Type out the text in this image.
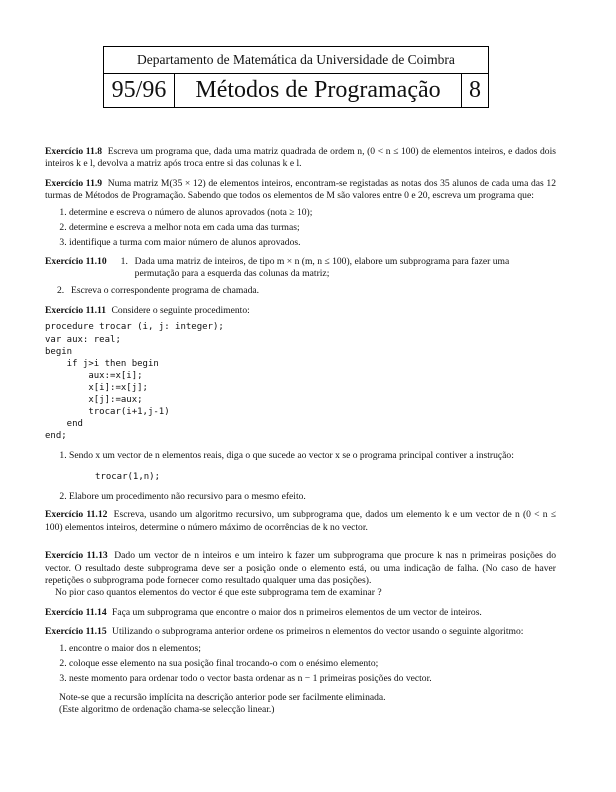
Departamento de Matemática da Universidade de Coimbra
95/96	Métodos de Programação	8

Exercício 11.8 Escreva um programa que, dada uma matriz quadrada de ordem n, (0 < n ≤ 100) de elementos inteiros, e dados dois inteiros k e l, devolva a matriz após troca entre si das colunas k e l.

Exercício 11.9 Numa matriz M(35 × 12) de elementos inteiros, encontram-se registadas as notas dos 35 alunos de cada uma das 12 turmas de Métodos de Programação. Sabendo que todos os elementos de M são valores entre 0 e 20, escreva um programa que:

1. determine e escreva o número de alunos aprovados (nota ≥ 10);
2. determine e escreva a melhor nota em cada uma das turmas;
3. identifique a turma com maior número de alunos aprovados.
Exercício 11.10 1. Dada uma matriz de inteiros, de tipo m × n (m, n ≤ 100), elabore um subprograma para fazer uma permutação para a esquerda das colunas da matriz;
2. Escreva o correspondente programa de chamada.

Exercício 11.11 Considere o seguinte procedimento:

procedure trocar (i, j: integer);
var aux: real;
begin
if j>i then begin
aux:=x[i];
x[i]:=x[j];
x[j]:=aux;
trocar(i+1,j-1)
end
end;
1. Sendo x um vector de n elementos reais, diga o que sucede ao vector x se o programa principal contiver a instrução:
trocar(1,n);
2. Elabore um procedimento não recursivo para o mesmo efeito.

Exercício 11.12 Escreva, usando um algoritmo recursivo, um subprograma que, dados um elemento k e um vector de n (0 < n ≤ 100) elementos inteiros, determine o número máximo de ocorrências de k no vector.

Exercício 11.13 Dado um vector de n inteiros e um inteiro k fazer um subprograma que procure k nas n primeiras posições do vector. O resultado deste subprograma deve ser a posição onde o elemento está, ou uma indicação de falha. (No caso de haver repetições o subprograma pode fornecer como resultado qualquer uma das posições).

No pior caso quantos elementos do vector é que este subprograma tem de examinar ?

Exercício 11.14 Faça um subprograma que encontre o maior dos n primeiros elementos de um vector de inteiros.

Exercício 11.15 Utilizando o subprograma anterior ordene os primeiros n elementos do vector usando o seguinte algoritmo:

1. encontre o maior dos n elementos;
2. coloque esse elemento na sua posição final trocando-o com o enésimo elemento;
3. neste momento para ordenar todo o vector basta ordenar as n − 1 primeiras posições do vector.
Note-se que a recursão implícita na descrição anterior pode ser facilmente eliminada.
(Este algoritmo de ordenação chama-se selecção linear.)
